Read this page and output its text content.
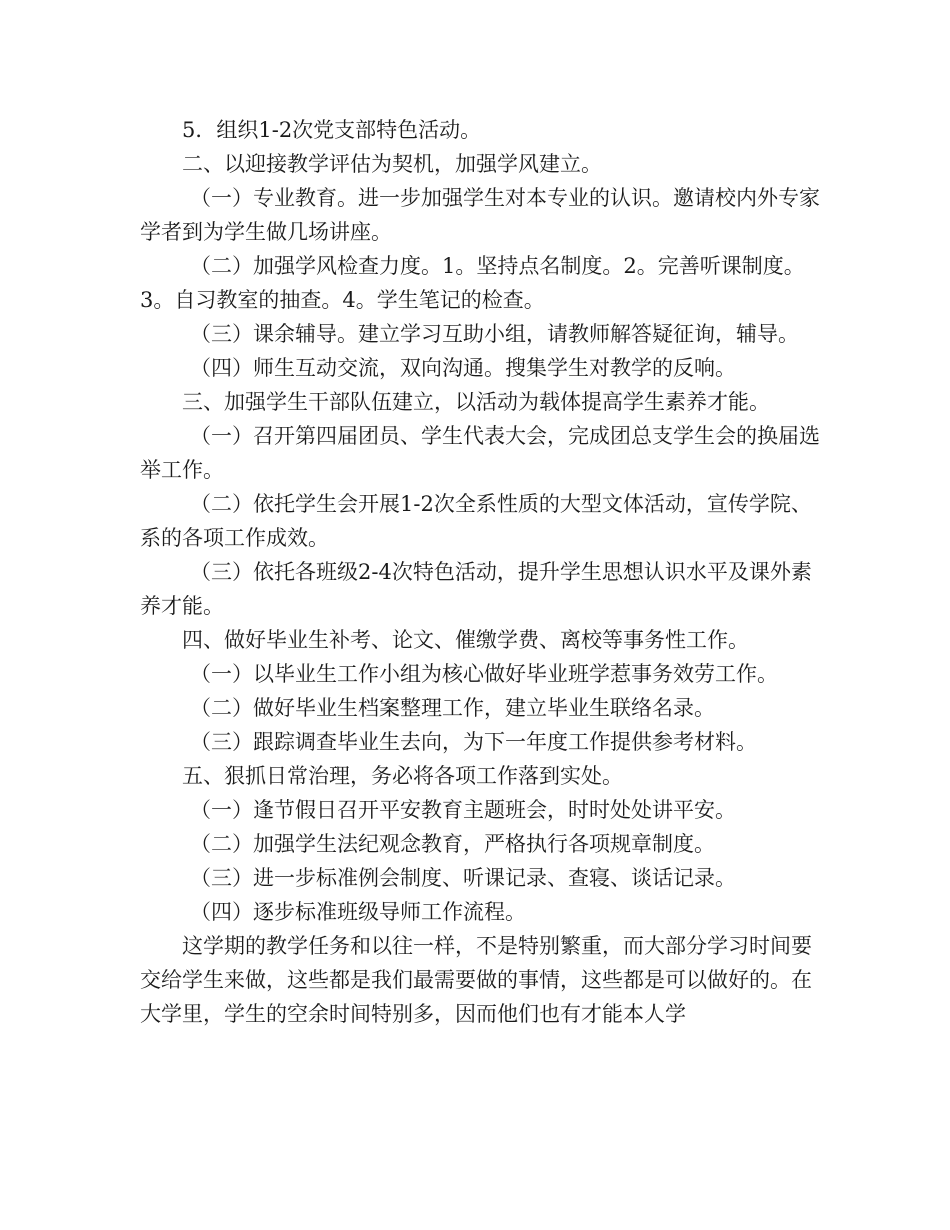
5．组织1-2次党支部特色活动。

二、以迎接教学评估为契机，加强学风建立。

（一）专业教育。进一步加强学生对本专业的认识。邀请校内外专家学者到为学生做几场讲座。

（二）加强学风检查力度。1。坚持点名制度。2。完善听课制度。3。自习教室的抽查。4。学生笔记的检查。

（三）课余辅导。建立学习互助小组，请教师解答疑征询，辅导。

（四）师生互动交流，双向沟通。搜集学生对教学的反响。

三、加强学生干部队伍建立，以活动为载体提高学生素养才能。

（一）召开第四届团员、学生代表大会，完成团总支学生会的换届选举工作。

（二）依托学生会开展1-2次全系性质的大型文体活动，宣传学院、系的各项工作成效。

（三）依托各班级2-4次特色活动，提升学生思想认识水平及课外素养才能。

四、做好毕业生补考、论文、催缴学费、离校等事务性工作。

（一）以毕业生工作小组为核心做好毕业班学惹事务效劳工作。

（二）做好毕业生档案整理工作，建立毕业生联络名录。

（三）跟踪调查毕业生去向，为下一年度工作提供参考材料。

五、狠抓日常治理，务必将各项工作落到实处。

（一）逢节假日召开平安教育主题班会，时时处处讲平安。

（二）加强学生法纪观念教育，严格执行各项规章制度。

（三）进一步标准例会制度、听课记录、查寝、谈话记录。

（四）逐步标准班级导师工作流程。

这学期的教学任务和以往一样，不是特别繁重，而大部分学习时间要交给学生来做，这些都是我们最需要做的事情，这些都是可以做好的。在大学里，学生的空余时间特别多，因而他们也有才能本人学
